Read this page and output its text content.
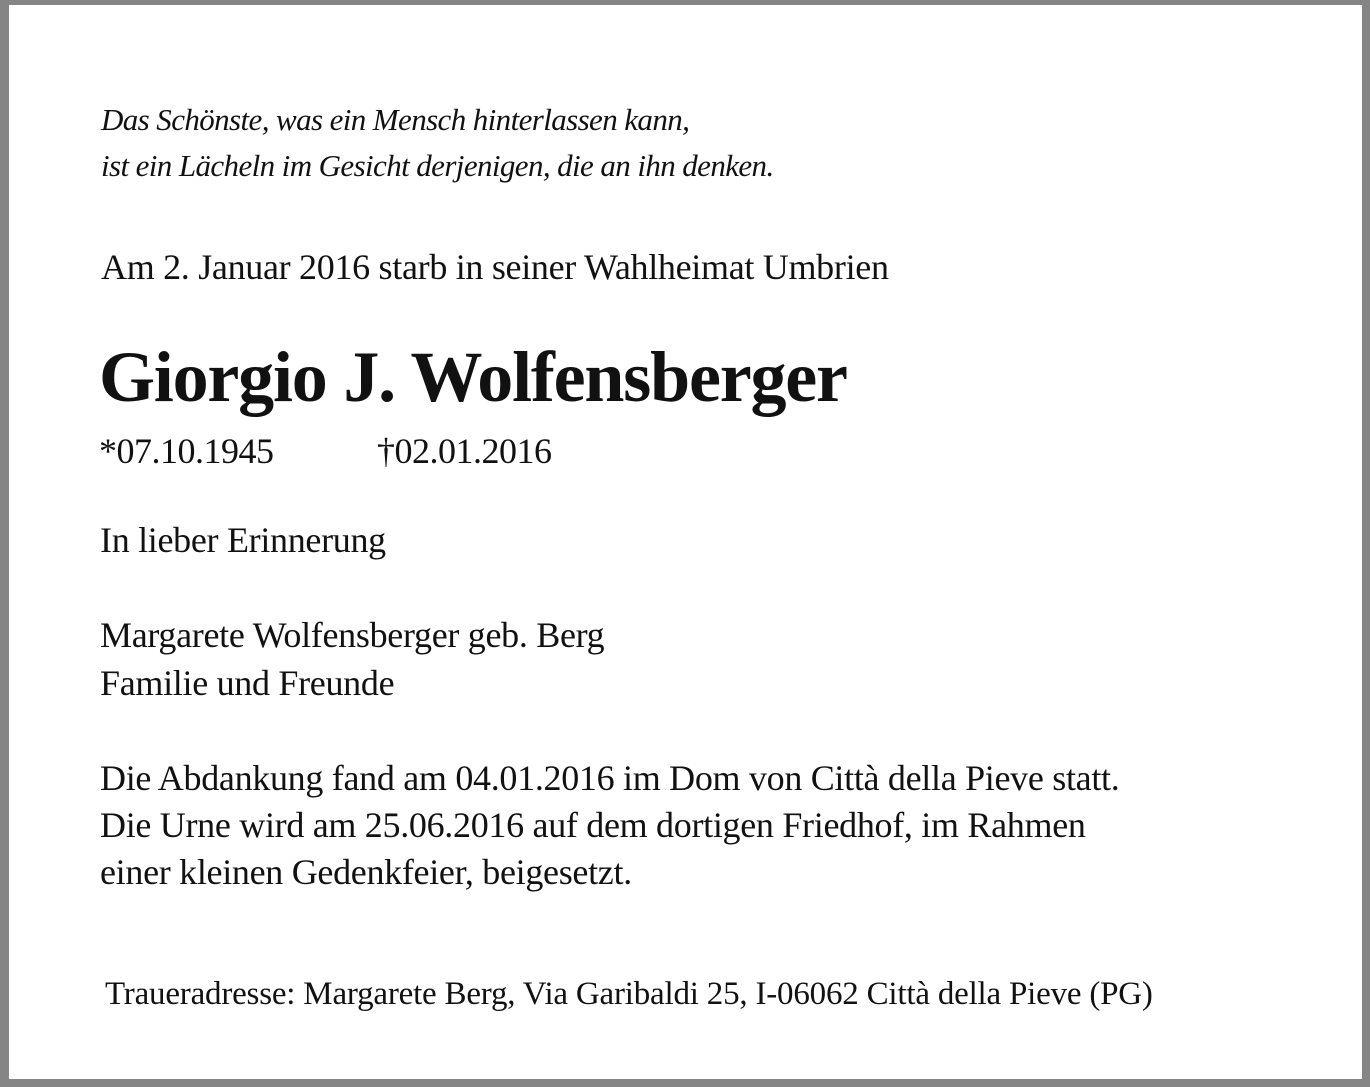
Das Schönste, was ein Mensch hinterlassen kann,
ist ein Lächeln im Gesicht derjenigen, die an ihn denken.

Am 2. Januar 2016 starb in seiner Wahlheimat Umbrien

Giorgio J. Wolfensberger
*07.10.1945	†02.01.2016

In lieber Erinnerung

Margarete Wolfensberger geb. Berg
Familie und Freunde
Die Abdankung fand am 04.01.2016 im Dom von Città della Pieve statt.
Die Urne wird am 25.06.2016 auf dem dortigen Friedhof, im Rahmen
einer kleinen Gedenkfeier, beigesetzt.

Traueradresse: Margarete Berg, Via Garibaldi 25, I-06062 Città della Pieve (PG)
